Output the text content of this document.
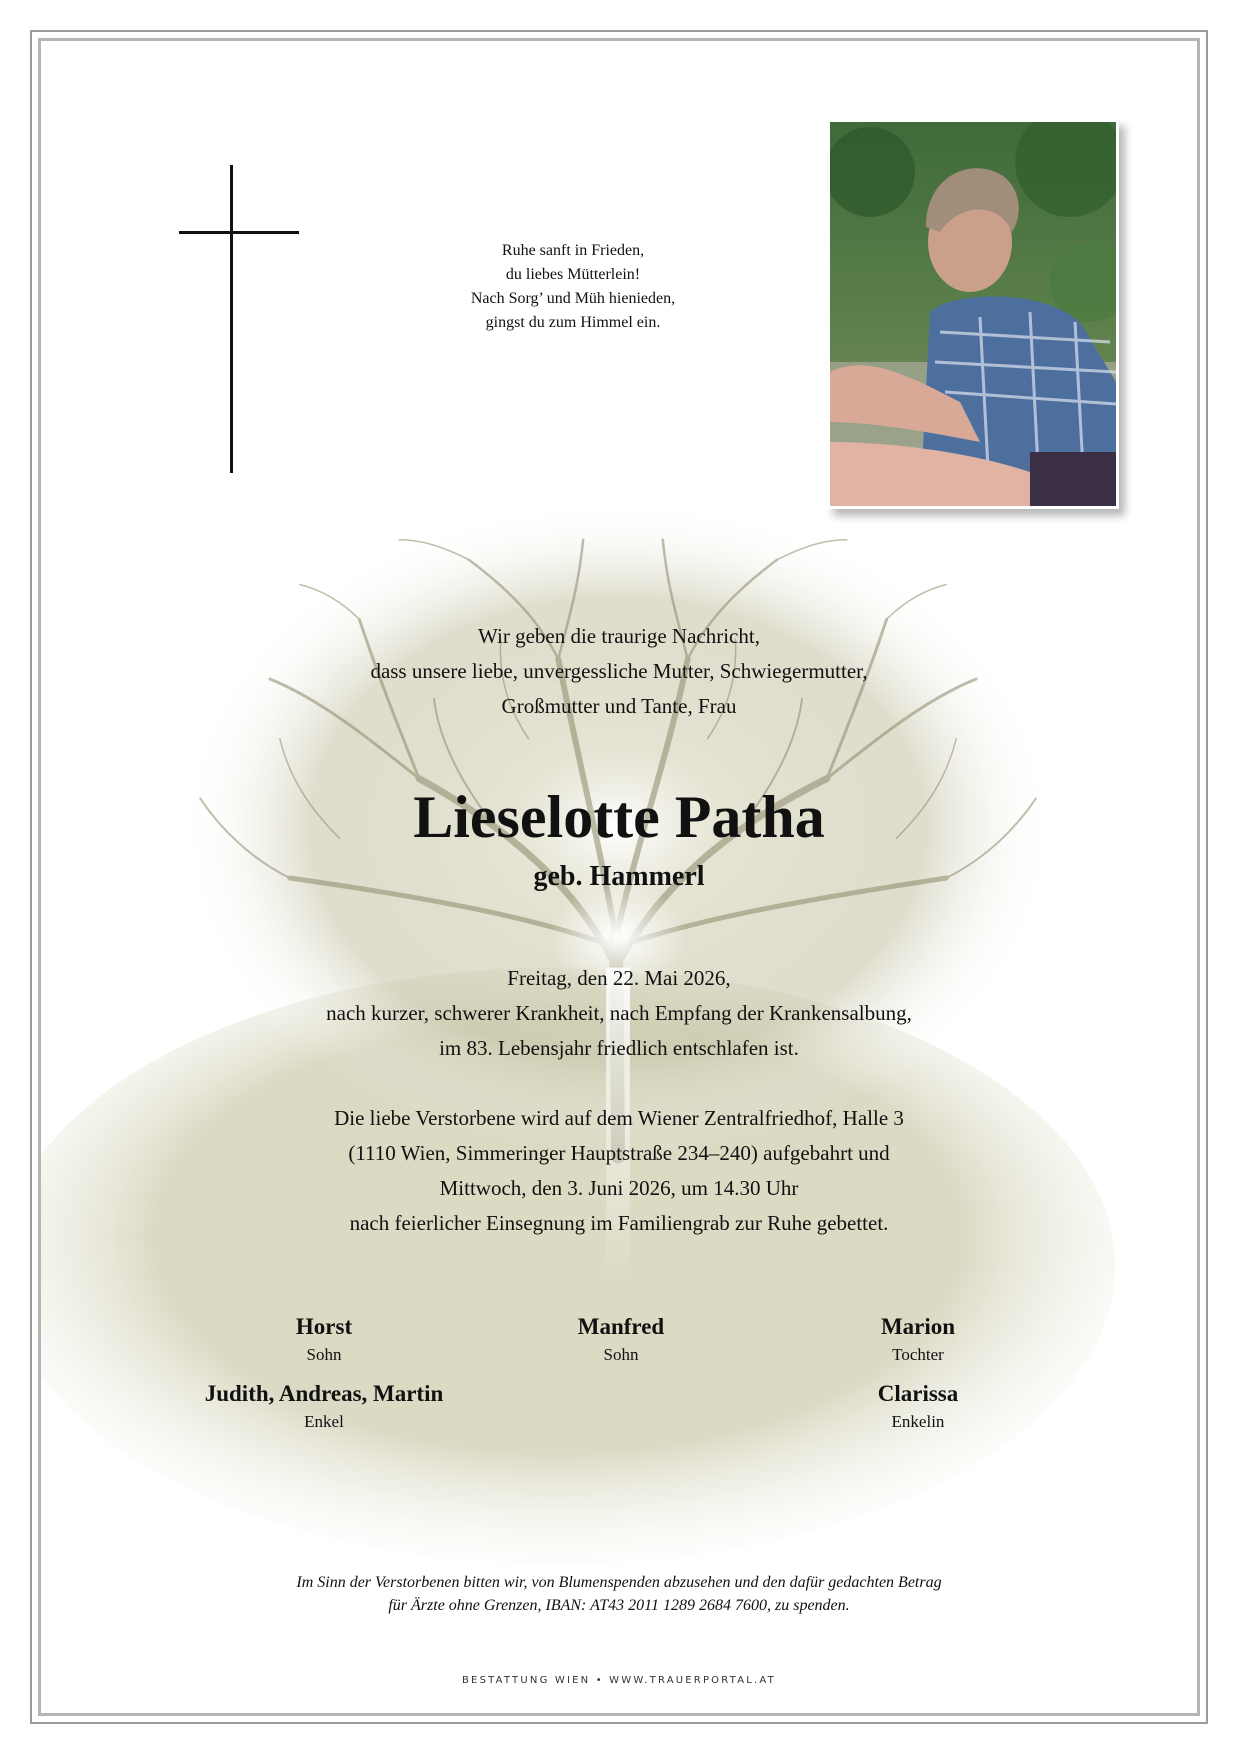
Ruhe sanft in Frieden,
du liebes Mütterlein!
Nach Sorg’ und Müh hienieden,
gingst du zum Himmel ein.
Wir geben die traurige Nachricht,
dass unsere liebe, unvergessliche Mutter, Schwiegermutter,
Großmutter und Tante, Frau
Lieselotte Patha
geb. Hammerl
Freitag, den 22. Mai 2026,
nach kurzer, schwerer Krankheit, nach Empfang der Krankensalbung,
im 83. Lebensjahr friedlich entschlafen ist.
Die liebe Verstorbene wird auf dem Wiener Zentralfriedhof, Halle 3
(1110 Wien, Simmeringer Hauptstraße 234–240) aufgebahrt und
Mittwoch, den 3. Juni 2026, um 14.30 Uhr
nach feierlicher Einsegnung im Familiengrab zur Ruhe gebettet.
Horst
Sohn
Manfred
Sohn
Marion
Tochter
Judith, Andreas, Martin
Enkel
Clarissa
Enkelin
Im Sinn der Verstorbenen bitten wir, von Blumenspenden abzusehen und den dafür gedachten Betrag
für Ärzte ohne Grenzen, IBAN: AT43 2011 1289 2684 7600, zu spenden.
BESTATTUNG WIEN • WWW.TRAUERPORTAL.AT
